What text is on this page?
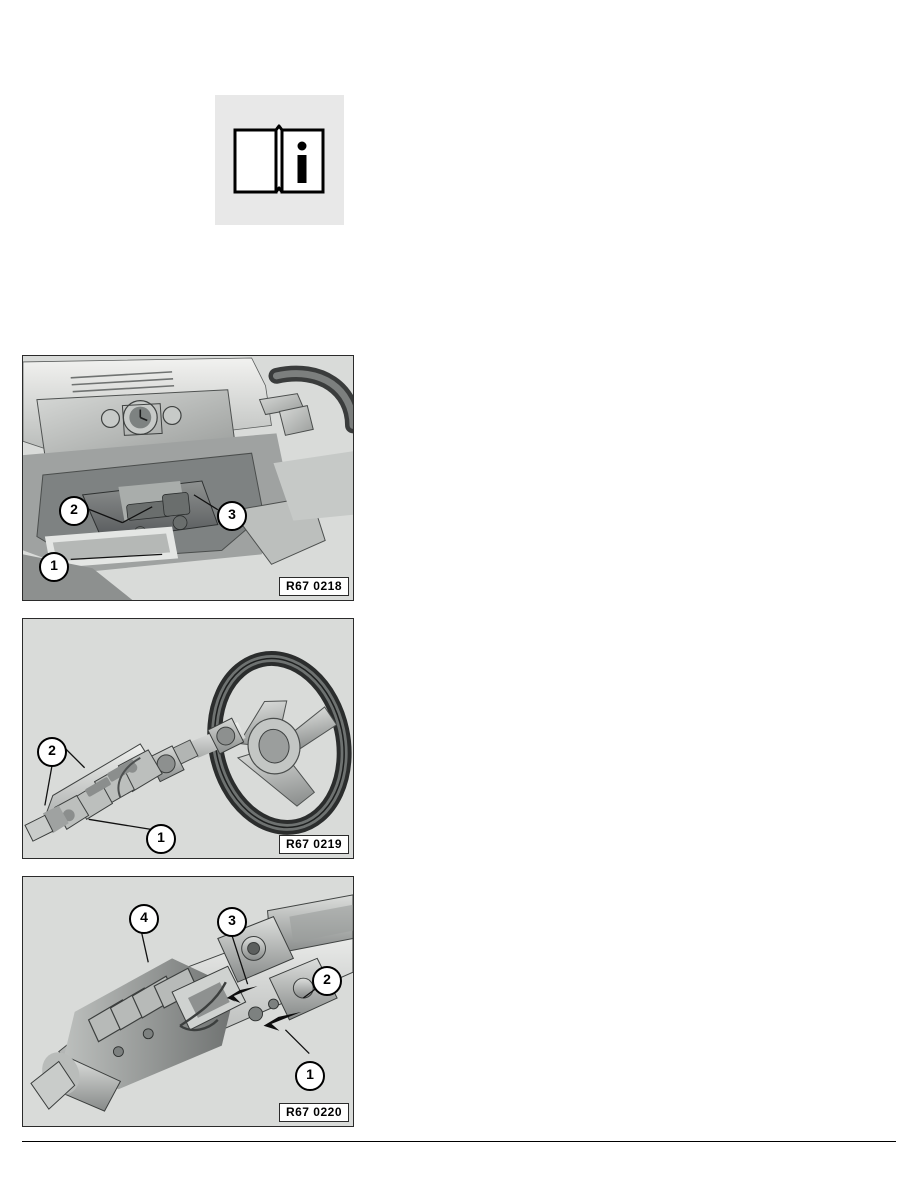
2	3
1
R67 0218
2
1	R67 0219
4	3
2
1
R67 0220
